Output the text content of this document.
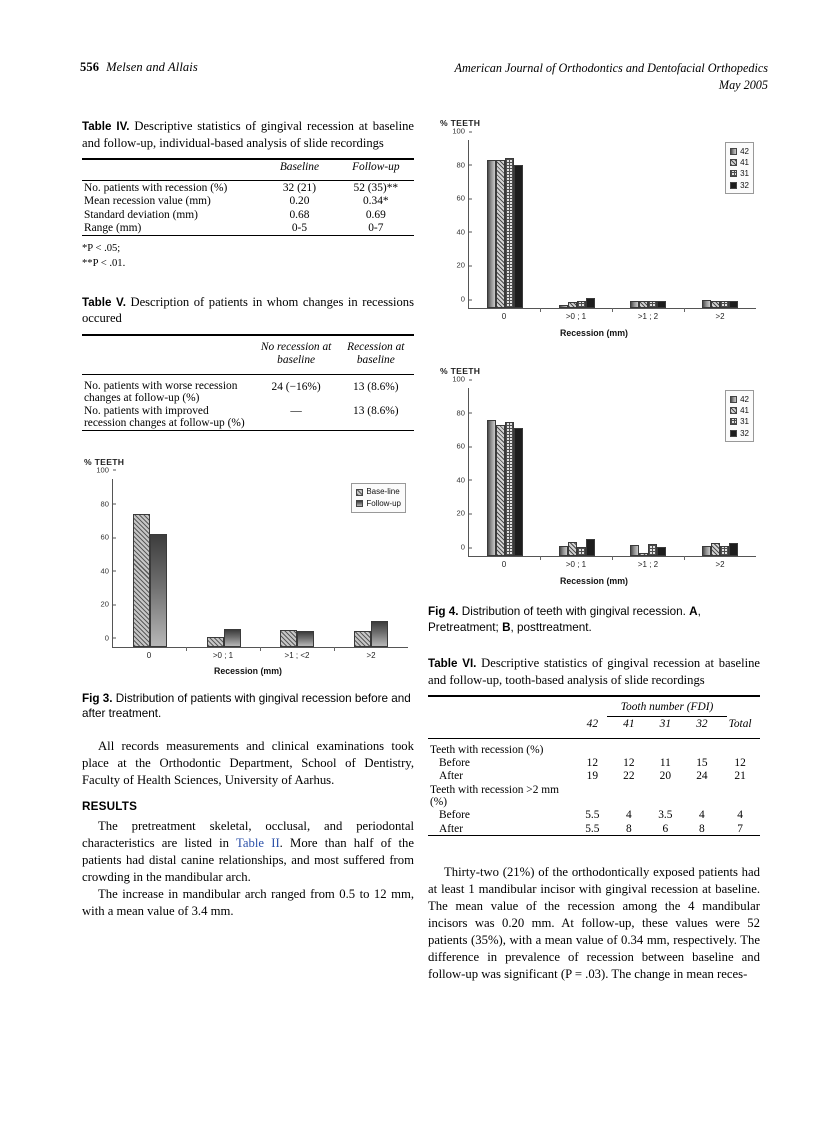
556 Melsen and Allais	American Journal of Orthodontics and Dentofacial Orthopedics
May 2005
Table IV. Descriptive statistics of gingival recession at baseline and follow-up, individual-based analysis of slide recordings
	Baseline	Follow-up

No. patients with recession (%)	32 (21)	52 (35)**
Mean recession value (mm)	0.20	0.34*
Standard deviation (mm)	0.68	0.69
Range (mm)	0-5	0-7
*P < .05;
**P < .01.
Table V. Description of patients in whom changes in recessions occured
	No recession at baseline	Recession at baseline

No. patients with worse recession changes at follow-up (%)	24 (−16%)	13 (8.6%)
No. patients with improved recession changes at follow-up (%)	—	13 (8.6%)
% TEETH
0
20
40
60
80
100
0	>0 ; 1	>1 ; <2	>2
Recession (mm)
Base-line
Follow-up
Fig 3. Distribution of patients with gingival recession before and after treatment.

All records measurements and clinical examinations took place at the Orthodontic Department, School of Dentistry, Faculty of Health Sciences, University of Aarhus.

RESULTS

The pretreatment skeletal, occlusal, and periodontal characteristics are listed in Table II. More than half of the patients had distal canine relationships, and most suffered from crowding in the mandibular arch.

The increase in mandibular arch ranged from 0.5 to 12 mm, with a mean value of 3.4 mm.

% TEETH
0
20
40
60
80
100
0	>0 ; 1	>1 ; 2	>2
Recession (mm)
42
41
31
32
% TEETH
0
20
40
60
80
100
0	>0 ; 1	>1 ; 2	>2
Recession (mm)
42
41
31
32
Fig 4. Distribution of teeth with gingival recession. A, Pretreatment; B, posttreatment.
Table VI. Descriptive statistics of gingival recession at baseline and follow-up, tooth-based analysis of slide recordings
	Tooth number (FDI)				
	42	41	31	32	Total

Teeth with recession (%)					
Before	12	12	11	15	12
After	19	22	20	24	21
Teeth with recession >2 mm (%)					
Before	5.5	4	3.5	4	4
After	5.5	8	6	8	7

Thirty-two (21%) of the orthodontically exposed patients had at least 1 mandibular incisor with gingival recession at baseline. The mean value of the recession among the 4 mandibular incisors was 0.20 mm. At follow-up, these values were 52 patients (35%), with a mean value of 0.34 mm, respectively. The difference in prevalence of recession between baseline and follow-up was significant (P = .03). The change in mean reces-
